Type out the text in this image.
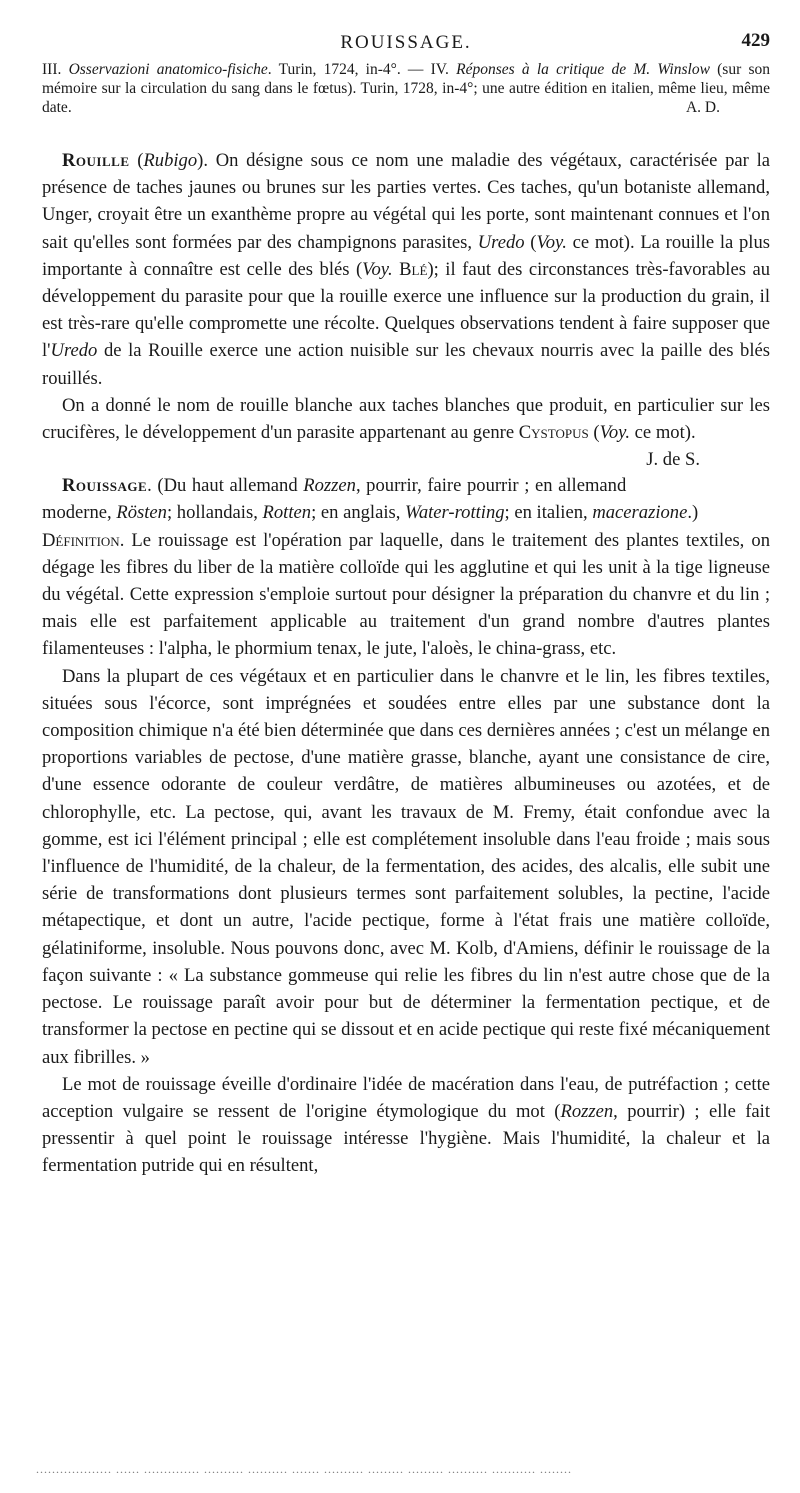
ROUISSAGE.	429
III. Osservazioni anatomico-fisiche. Turin, 1724, in-4°. — IV. Réponses à la critique de M. Winslow (sur son mémoire sur la circulation du sang dans le fœtus). Turin, 1728, in-4°; une autre édition en italien, même lieu, même date.	A. D.

Rouille (Rubigo). On désigne sous ce nom une maladie des végétaux, caractérisée par la présence de taches jaunes ou brunes sur les parties vertes. Ces taches, qu'un botaniste allemand, Unger, croyait être un exanthème propre au végétal qui les porte, sont maintenant connues et l'on sait qu'elles sont formées par des champignons parasites, Uredo (Voy. ce mot). La rouille la plus importante à connaître est celle des blés (Voy. Blé); il faut des circonstances très-favorables au développement du parasite pour que la rouille exerce une influence sur la production du grain, il est très-rare qu'elle compromette une récolte. Quelques observations tendent à faire supposer que l'Uredo de la Rouille exerce une action nuisible sur les chevaux nourris avec la paille des blés rouillés.

On a donné le nom de rouille blanche aux taches blanches que produit, en particulier sur les crucifères, le développement d'un parasite appartenant au genre Cystopus (Voy. ce mot).
J. de S.

Rouissage. (Du haut allemand Rozzen, pourrir, faire pourrir ; en allemand moderne, Rösten; hollandais, Rotten; en anglais, Water-rotting; en italien, macerazione.)

Définition. Le rouissage est l'opération par laquelle, dans le traitement des plantes textiles, on dégage les fibres du liber de la matière colloïde qui les agglutine et qui les unit à la tige ligneuse du végétal. Cette expression s'emploie surtout pour désigner la préparation du chanvre et du lin ; mais elle est parfaitement applicable au traitement d'un grand nombre d'autres plantes filamenteuses : l'alpha, le phormium tenax, le jute, l'aloès, le china-grass, etc.

Dans la plupart de ces végétaux et en particulier dans le chanvre et le lin, les fibres textiles, situées sous l'écorce, sont imprégnées et soudées entre elles par une substance dont la composition chimique n'a été bien déterminée que dans ces dernières années ; c'est un mélange en proportions variables de pectose, d'une matière grasse, blanche, ayant une consistance de cire, d'une essence odorante de couleur verdâtre, de matières albumineuses ou azotées, et de chlorophylle, etc. La pectose, qui, avant les travaux de M. Fremy, était confondue avec la gomme, est ici l'élément principal ; elle est complétement insoluble dans l'eau froide ; mais sous l'influence de l'humidité, de la chaleur, de la fermentation, des acides, des alcalis, elle subit une série de transformations dont plusieurs termes sont parfaitement solubles, la pectine, l'acide métapectique, et dont un autre, l'acide pectique, forme à l'état frais une matière colloïde, gélatiniforme, insoluble. Nous pouvons donc, avec M. Kolb, d'Amiens, définir le rouissage de la façon suivante : « La substance gommeuse qui relie les fibres du lin n'est autre chose que de la pectose. Le rouissage paraît avoir pour but de déterminer la fermentation pectique, et de transformer la pectose en pectine qui se dissout et en acide pectique qui reste fixé mécaniquement aux fibrilles. »

Le mot de rouissage éveille d'ordinaire l'idée de macération dans l'eau, de putréfaction ; cette acception vulgaire se ressent de l'origine étymologique du mot (Rozzen, pourrir) ; elle fait pressentir à quel point le rouissage intéresse l'hygiène. Mais l'humidité, la chaleur et la fermentation putride qui en résultent,

................... ...... .............. .......... .......... ....... .......... ......... ......... .......... ........... ........
